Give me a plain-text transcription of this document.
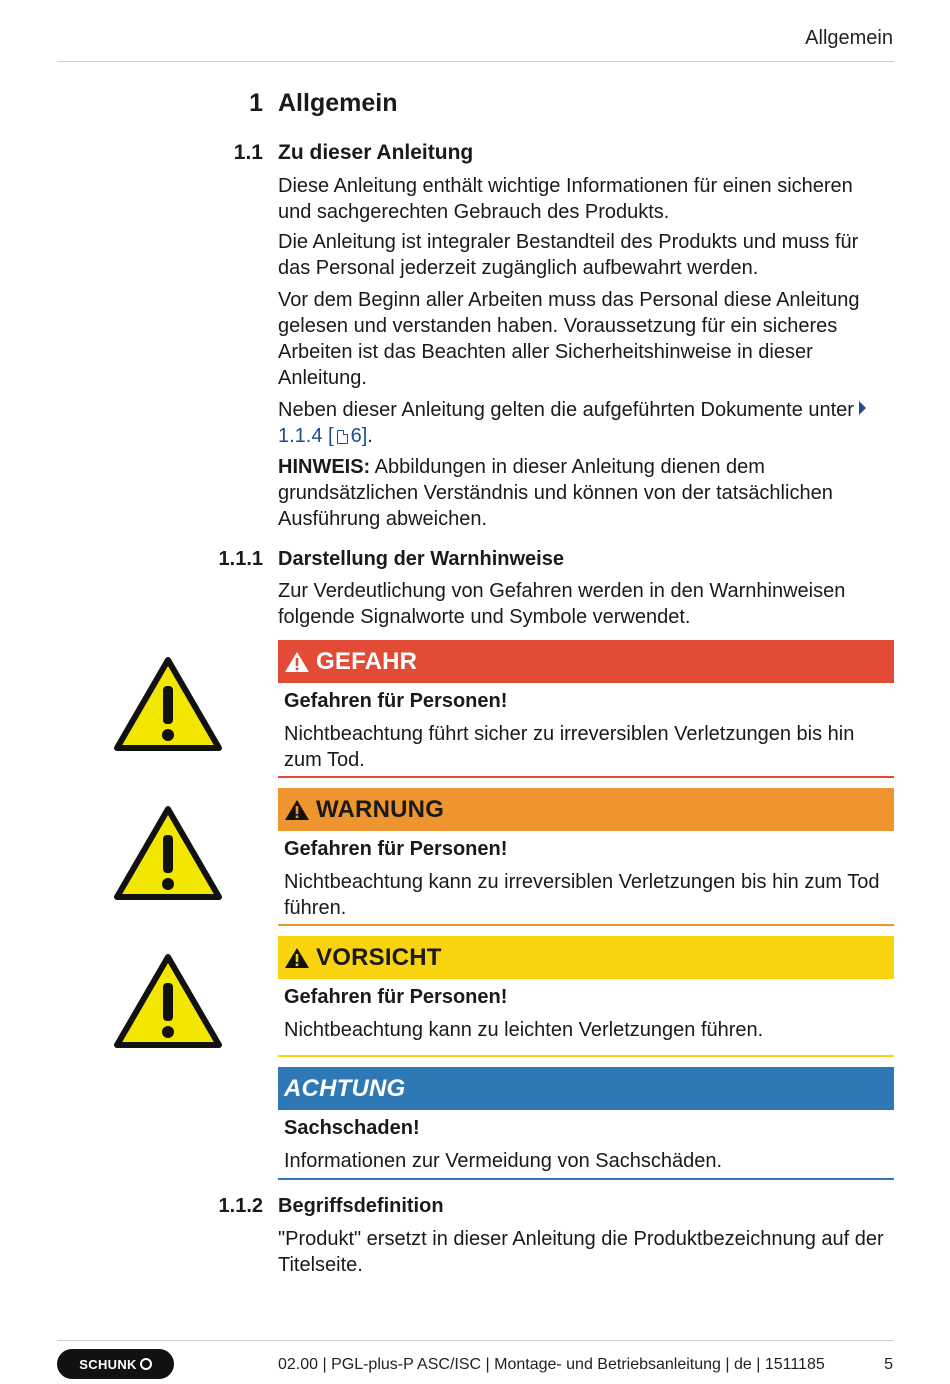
Allgemein
1 Allgemein
1.1 Zu dieser Anleitung

Diese Anleitung enthält wichtige Informationen für einen sicheren und sachgerechten Gebrauch des Produkts.

Die Anleitung ist integraler Bestandteil des Produkts und muss für das Personal jederzeit zugänglich aufbewahrt werden.

Vor dem Beginn aller Arbeiten muss das Personal diese Anleitung gelesen und verstanden haben. Voraussetzung für ein sicheres Arbeiten ist das Beachten aller Sicherheitshinweise in dieser Anleitung.

Neben dieser Anleitung gelten die aufgeführten Dokumente unter1.1.4 [ 6].

HINWEIS: Abbildungen in dieser Anleitung dienen dem grundsätzlichen Verständnis und können von der tatsächlichen Ausführung abweichen.

1.1.1 Darstellung der Warnhinweise

Zur Verdeutlichung von Gefahren werden in den Warnhinweisen folgende Signalworte und Symbole verwendet.

GEFAHR
Gefahren für Personen!

Nichtbeachtung führt sicher zu irreversiblen Verletzungen bis hin zum Tod.

WARNUNG
Gefahren für Personen!

Nichtbeachtung kann zu irreversiblen Verletzungen bis hin zum Tod führen.

VORSICHT
Gefahren für Personen!

Nichtbeachtung kann zu leichten Verletzungen führen.

ACHTUNG
Sachschaden!

Informationen zur Vermeidung von Sachschäden.

1.1.2 Begriffsdefinition

"Produkt" ersetzt in dieser Anleitung die Produktbezeichnung auf der Titelseite.

SCHUNK	02.00 | PGL-plus-P ASC/ISC | Montage- und Betriebsanleitung | de | 1511185	5
